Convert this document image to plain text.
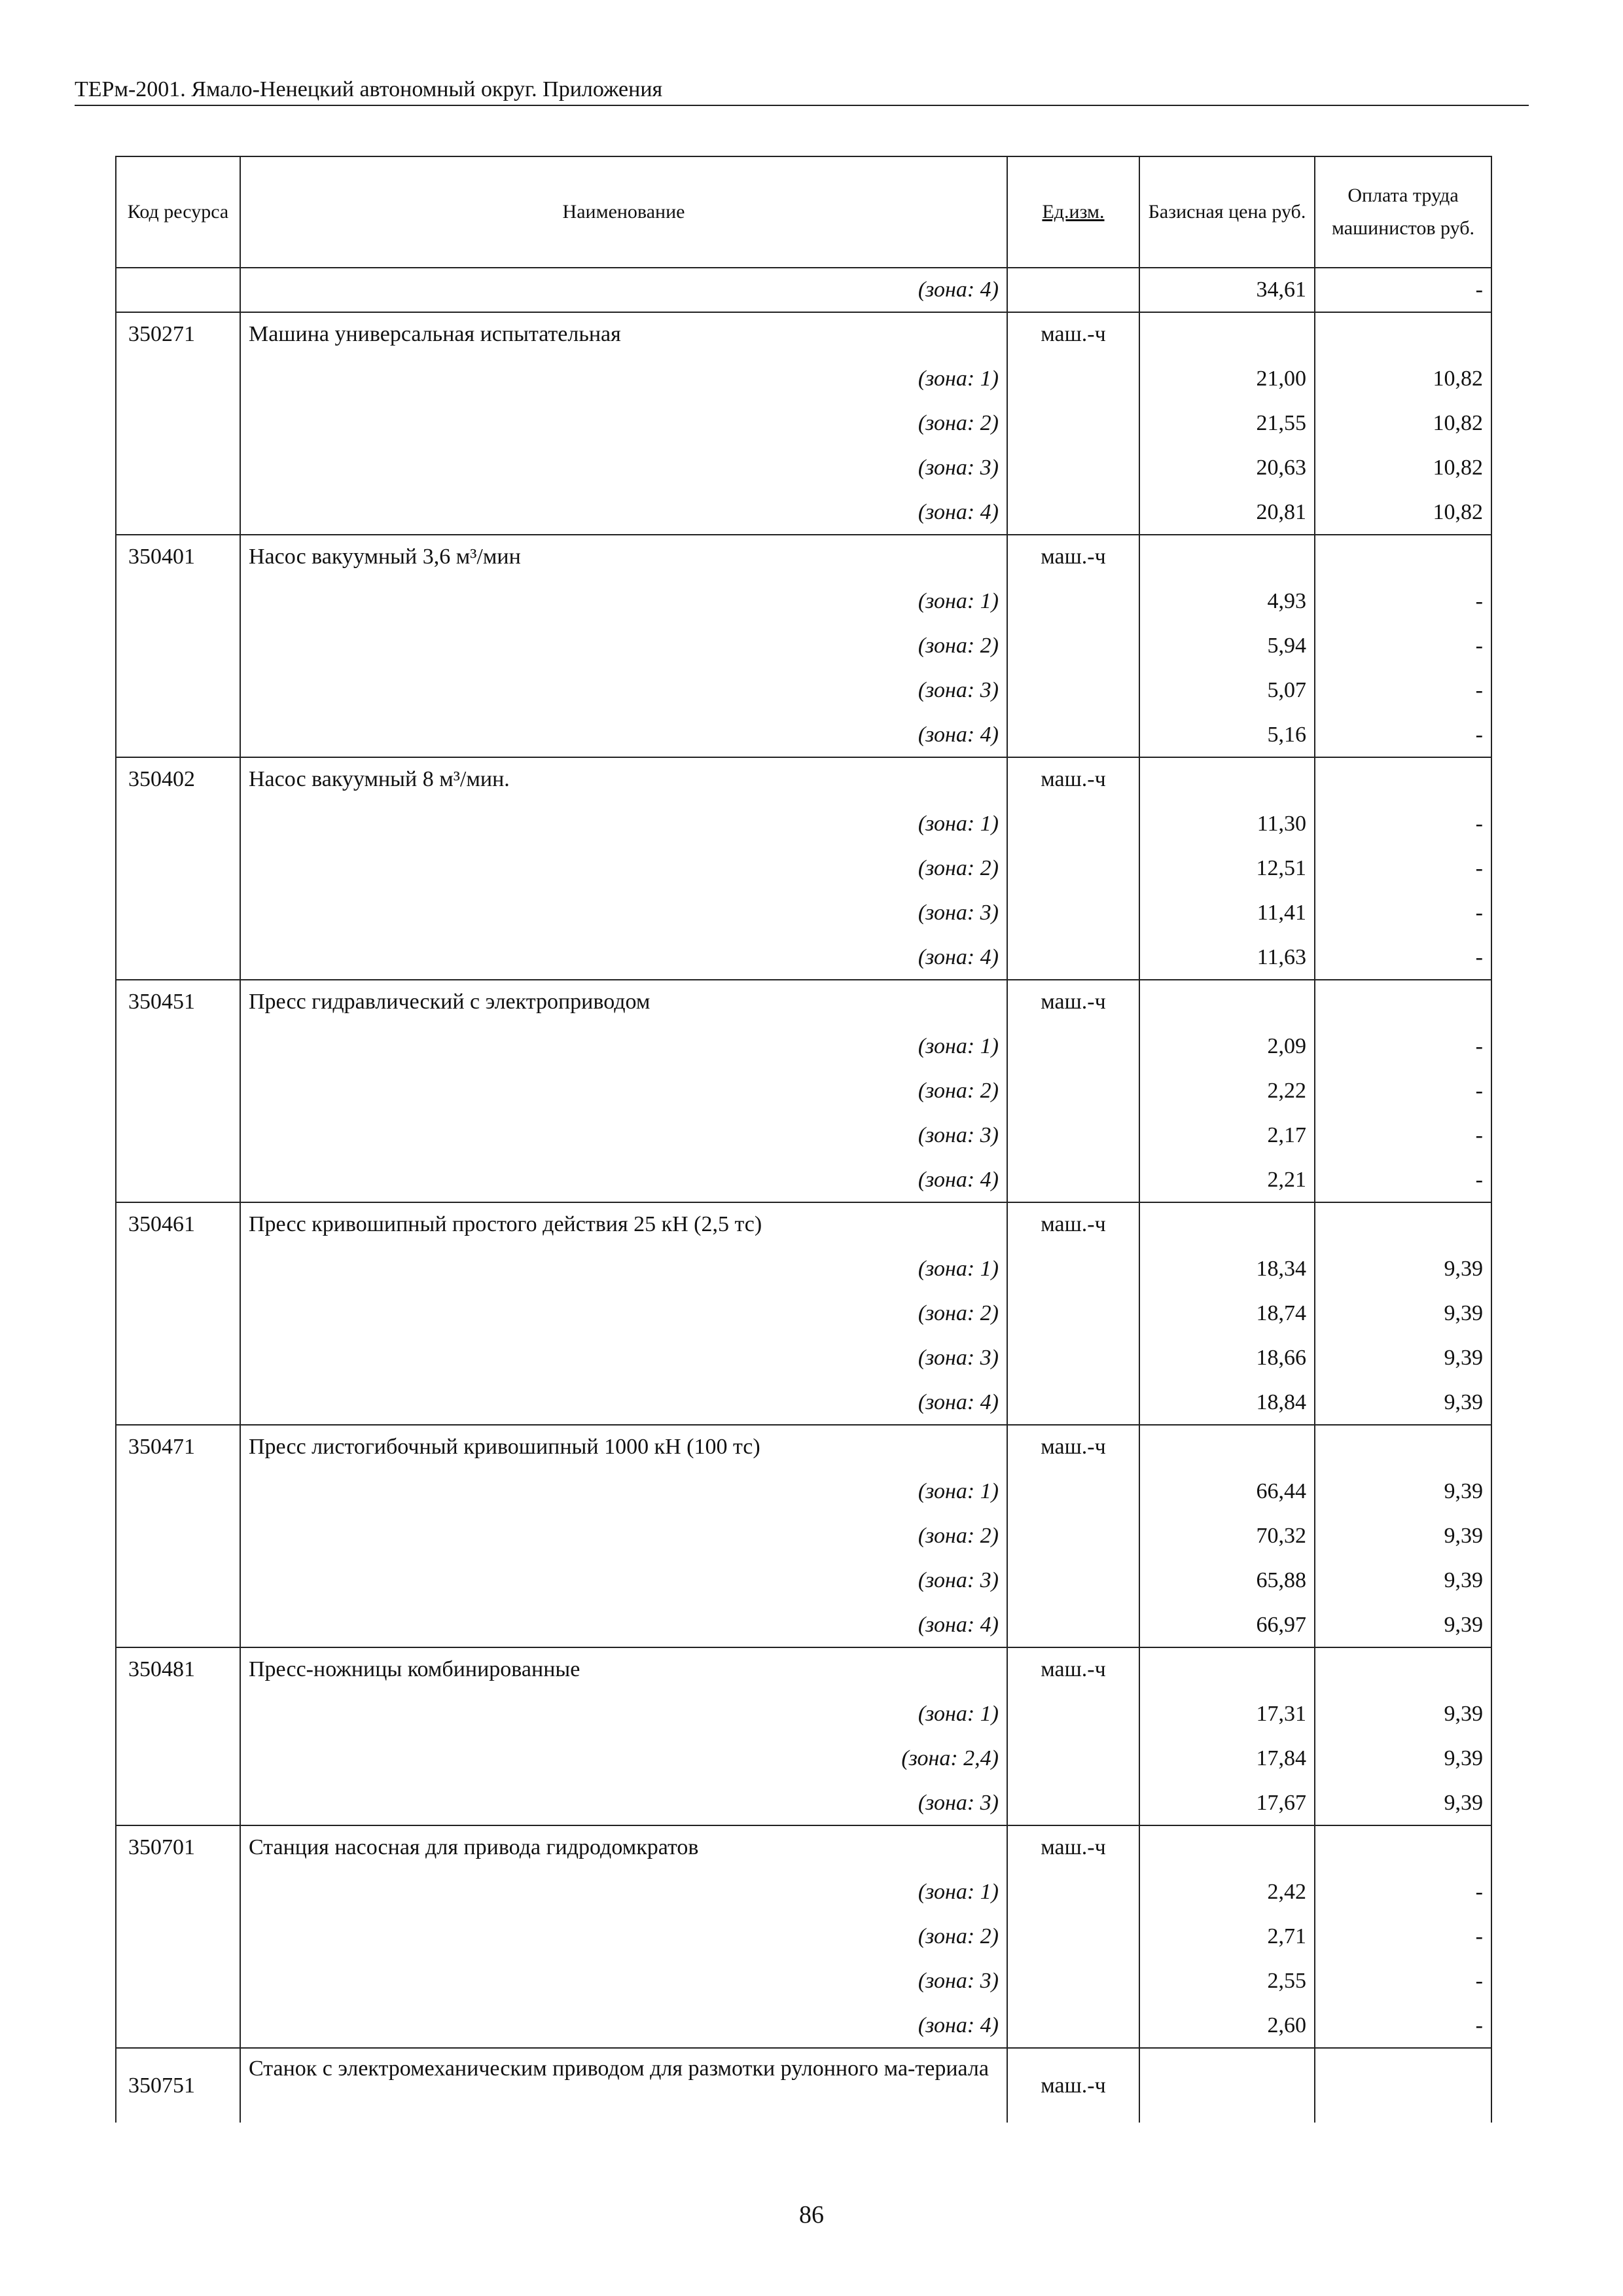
ТЕРм-2001. Ямало-Ненецкий автономный округ. Приложения
Код ресурса	Наименование	Ед.изм.	Базисная цена руб.	Оплата труда машинистов руб.
	(зона: 4)		34,61	-
350271	Машина универсальная испытательная	маш.-ч		
	(зона: 1)		21,00	10,82
	(зона: 2)		21,55	10,82
	(зона: 3)		20,63	10,82
	(зона: 4)		20,81	10,82
350401	Насос вакуумный 3,6 м³/мин	маш.-ч		
	(зона: 1)		4,93	-
	(зона: 2)		5,94	-
	(зона: 3)		5,07	-
	(зона: 4)		5,16	-
350402	Насос вакуумный 8 м³/мин.	маш.-ч		
	(зона: 1)		11,30	-
	(зона: 2)		12,51	-
	(зона: 3)		11,41	-
	(зона: 4)		11,63	-
350451	Пресс гидравлический с электроприводом	маш.-ч		
	(зона: 1)		2,09	-
	(зона: 2)		2,22	-
	(зона: 3)		2,17	-
	(зона: 4)		2,21	-
350461	Пресс кривошипный простого действия 25 кН (2,5 тс)	маш.-ч		
	(зона: 1)		18,34	9,39
	(зона: 2)		18,74	9,39
	(зона: 3)		18,66	9,39
	(зона: 4)		18,84	9,39
350471	Пресс листогибочный кривошипный 1000 кН (100 тс)	маш.-ч		
	(зона: 1)		66,44	9,39
	(зона: 2)		70,32	9,39
	(зона: 3)		65,88	9,39
	(зона: 4)		66,97	9,39
350481	Пресс-ножницы комбинированные	маш.-ч		
	(зона: 1)		17,31	9,39
	(зона: 2,4)		17,84	9,39
	(зона: 3)		17,67	9,39
350701	Станция насосная для привода гидродомкратов	маш.-ч		
	(зона: 1)		2,42	-
	(зона: 2)		2,71	-
	(зона: 3)		2,55	-
	(зона: 4)		2,60	-
350751	Станок с электромеханическим приводом для размотки рулонного ма-териала	маш.-ч		
86
